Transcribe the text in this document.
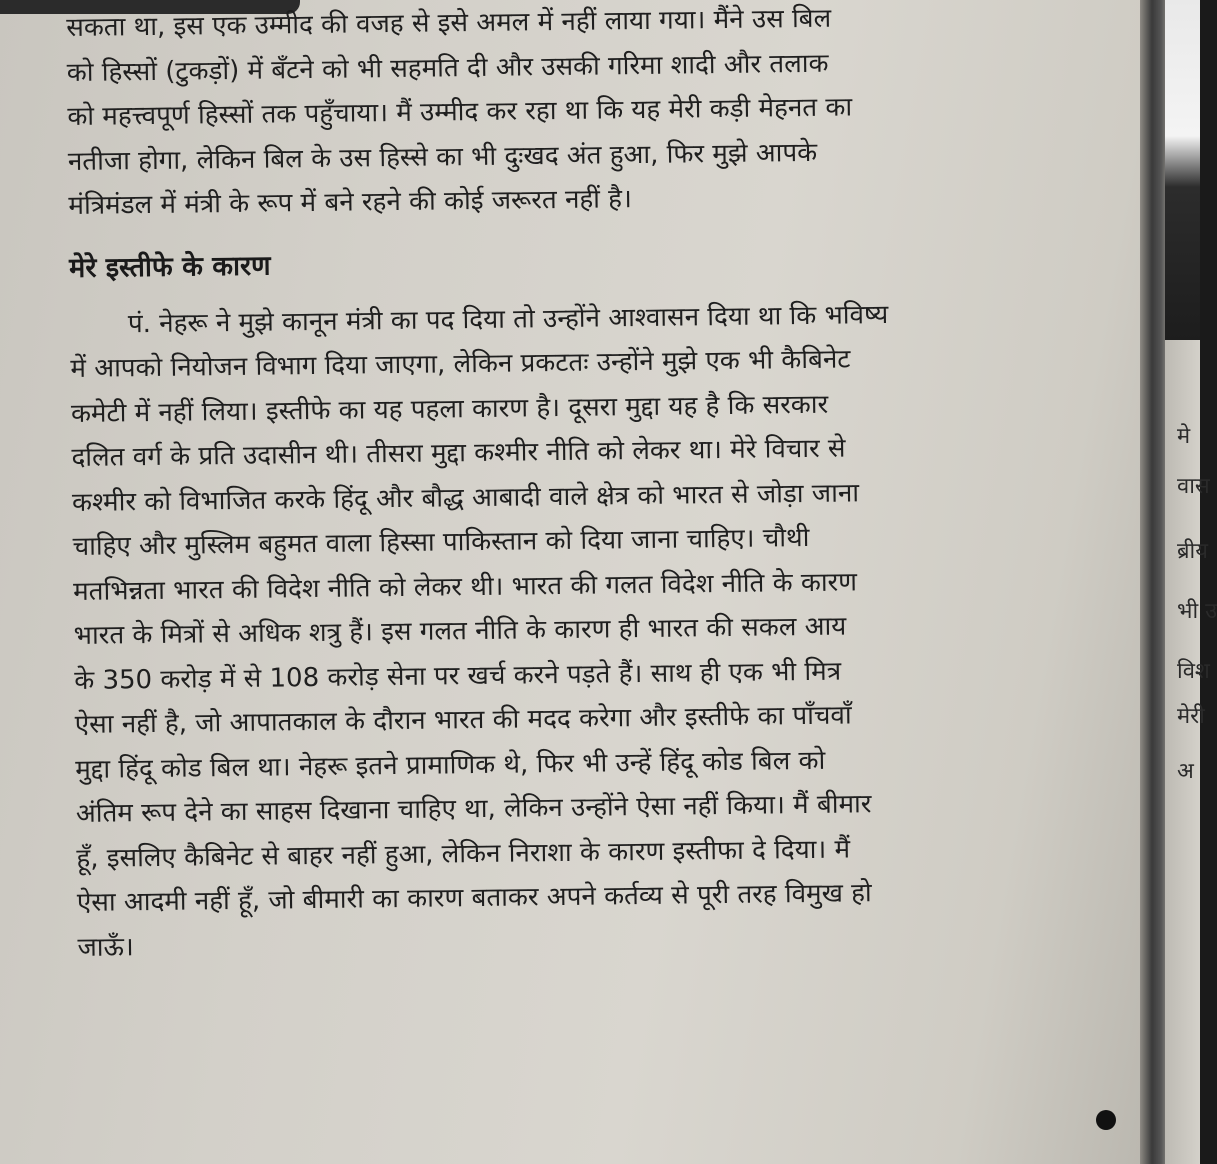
सकता था, इस एक उम्मीद की वजह से इसे अमल में नहीं लाया गया। मैंने उस बिल
को हिस्सों (टुकड़ों) में बँटने को भी सहमति दी और उसकी गरिमा शादी और तलाक
को महत्त्वपूर्ण हिस्सों तक पहुँचाया। मैं उम्मीद कर रहा था कि यह मेरी कड़ी मेहनत का
नतीजा होगा, लेकिन बिल के उस हिस्से का भी दुःखद अंत हुआ, फिर मुझे आपके
मंत्रिमंडल में मंत्री के रूप में बने रहने की कोई जरूरत नहीं है।
मेरे इस्तीफे के कारण
पं. नेहरू ने मुझे कानून मंत्री का पद दिया तो उन्होंने आश्वासन दिया था कि भविष्य
में आपको नियोजन विभाग दिया जाएगा, लेकिन प्रकटतः उन्होंने मुझे एक भी कैबिनेट
कमेटी में नहीं लिया। इस्तीफे का यह पहला कारण है। दूसरा मुद्दा यह है कि सरकार
दलित वर्ग के प्रति उदासीन थी। तीसरा मुद्दा कश्मीर नीति को लेकर था। मेरे विचार से
कश्मीर को विभाजित करके हिंदू और बौद्ध आबादी वाले क्षेत्र को भारत से जोड़ा जाना
चाहिए और मुस्लिम बहुमत वाला हिस्सा पाकिस्तान को दिया जाना चाहिए। चौथी
मतभिन्नता भारत की विदेश नीति को लेकर थी। भारत की गलत विदेश नीति के कारण
भारत के मित्रों से अधिक शत्रु हैं। इस गलत नीति के कारण ही भारत की सकल आय
के 350 करोड़ में से 108 करोड़ सेना पर खर्च करने पड़ते हैं। साथ ही एक भी मित्र
ऐसा नहीं है, जो आपातकाल के दौरान भारत की मदद करेगा और इस्तीफे का पाँचवाँ
मुद्दा हिंदू कोड बिल था। नेहरू इतने प्रामाणिक थे, फिर भी उन्हें हिंदू कोड बिल को
अंतिम रूप देने का साहस दिखाना चाहिए था, लेकिन उन्होंने ऐसा नहीं किया। मैं बीमार
हूँ, इसलिए कैबिनेट से बाहर नहीं हुआ, लेकिन निराशा के कारण इस्तीफा दे दिया। मैं
ऐसा आदमी नहीं हूँ, जो बीमारी का कारण बताकर अपने कर्तव्य से पूरी तरह विमुख हो
जाऊँ।
मे
वास
ब्रीय
भी उ
विश
मेरी
अ
